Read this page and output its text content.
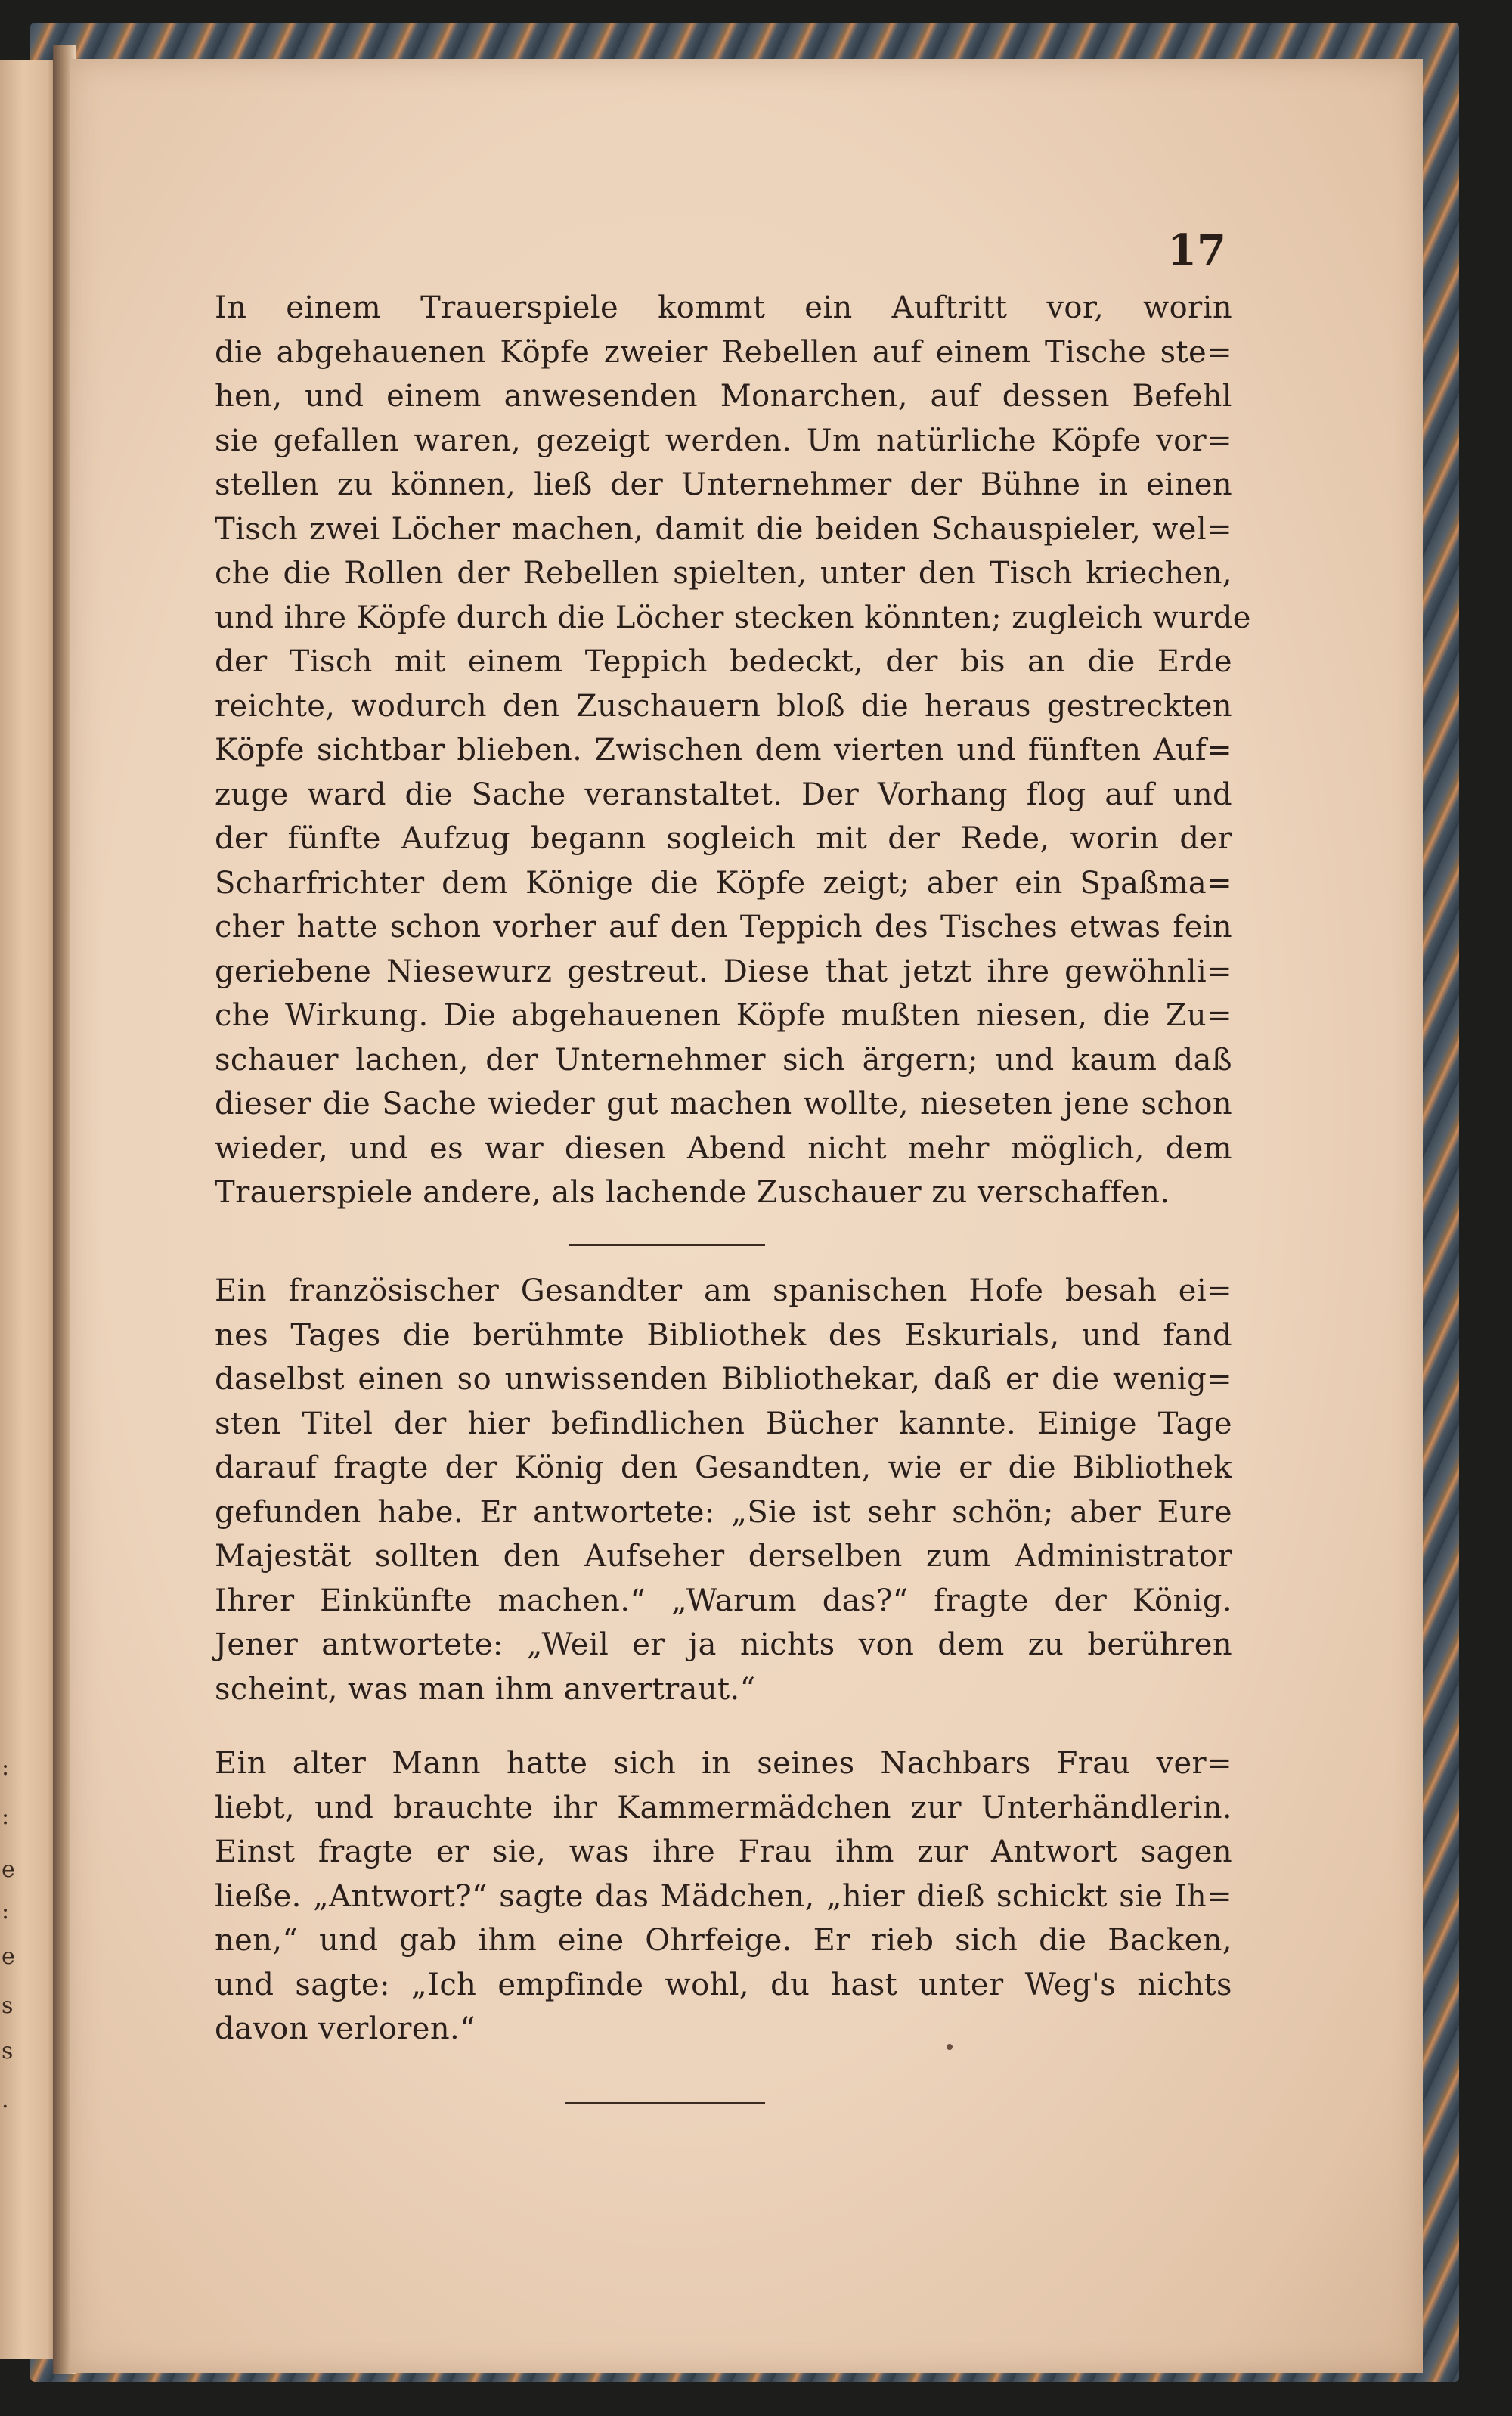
:
:
e
:
e
s
s
.
17
In einem Trauerspiele kommt ein Auftritt vor, worin
die abgehauenen Köpfe zweier Rebellen auf einem Tische ste=
hen, und einem anwesenden Monarchen, auf dessen Befehl
sie gefallen waren, gezeigt werden. Um natürliche Köpfe vor=
stellen zu können, ließ der Unternehmer der Bühne in einen
Tisch zwei Löcher machen, damit die beiden Schauspieler, wel=
che die Rollen der Rebellen spielten, unter den Tisch kriechen,
und ihre Köpfe durch die Löcher stecken könnten; zugleich wurde
der Tisch mit einem Teppich bedeckt, der bis an die Erde
reichte, wodurch den Zuschauern bloß die heraus gestreckten
Köpfe sichtbar blieben. Zwischen dem vierten und fünften Auf=
zuge ward die Sache veranstaltet. Der Vorhang flog auf und
der fünfte Aufzug begann sogleich mit der Rede, worin der
Scharfrichter dem Könige die Köpfe zeigt; aber ein Spaßma=
cher hatte schon vorher auf den Teppich des Tisches etwas fein
geriebene Niesewurz gestreut. Diese that jetzt ihre gewöhnli=
che Wirkung. Die abgehauenen Köpfe mußten niesen, die Zu=
schauer lachen, der Unternehmer sich ärgern; und kaum daß
dieser die Sache wieder gut machen wollte, nieseten jene schon
wieder, und es war diesen Abend nicht mehr möglich, dem
Trauerspiele andere, als lachende Zuschauer zu verschaffen.
Ein französischer Gesandter am spanischen Hofe besah ei=
nes Tages die berühmte Bibliothek des Eskurials, und fand
daselbst einen so unwissenden Bibliothekar, daß er die wenig=
sten Titel der hier befindlichen Bücher kannte. Einige Tage
darauf fragte der König den Gesandten, wie er die Bibliothek
gefunden habe. Er antwortete: „Sie ist sehr schön; aber Eure
Majestät sollten den Aufseher derselben zum Administrator
Ihrer Einkünfte machen.“ „Warum das?“ fragte der König.
Jener antwortete: „Weil er ja nichts von dem zu berühren
scheint, was man ihm anvertraut.“
Ein alter Mann hatte sich in seines Nachbars Frau ver=
liebt, und brauchte ihr Kammermädchen zur Unterhändlerin.
Einst fragte er sie, was ihre Frau ihm zur Antwort sagen
ließe. „Antwort?“ sagte das Mädchen, „hier dieß schickt sie Ih=
nen,“ und gab ihm eine Ohrfeige. Er rieb sich die Backen,
und sagte: „Ich empfinde wohl, du hast unter Weg's nichts
davon verloren.“
